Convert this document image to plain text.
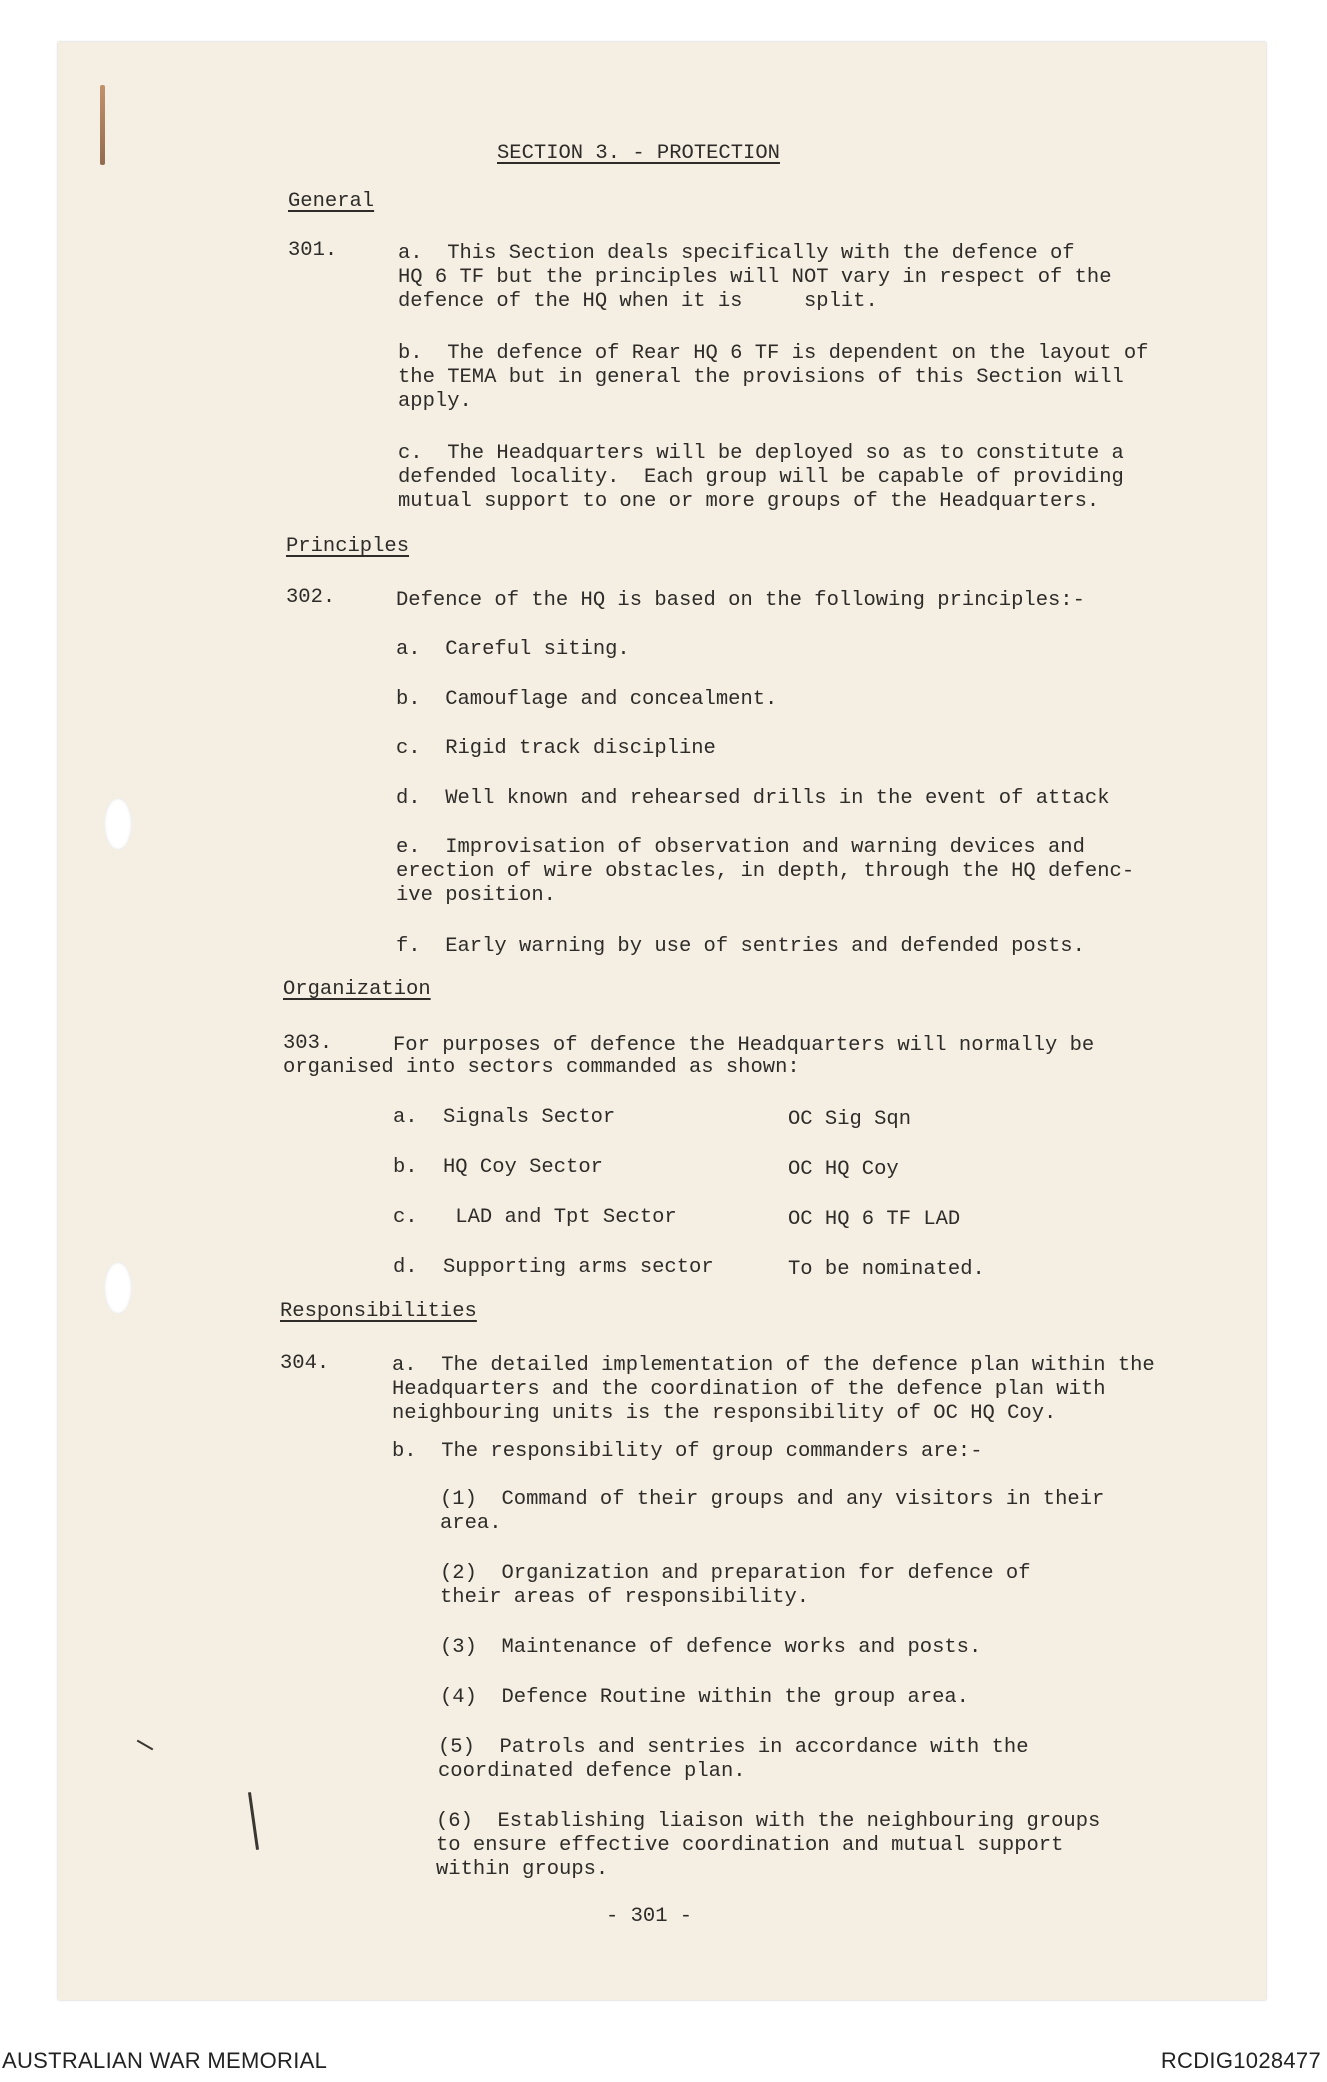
SECTION 3. - PROTECTION
General
301.	a.  This Section deals specifically with the defence of
HQ 6 TF but the principles will NOT vary in respect of the
defence of the HQ when it is     split.
b.  The defence of Rear HQ 6 TF is dependent on the layout of
the TEMA but in general the provisions of this Section will
apply.
c.  The Headquarters will be deployed so as to constitute a
defended locality.  Each group will be capable of providing
mutual support to one or more groups of the Headquarters.
Principles
302.	Defence of the HQ is based on the following principles:-
a.  Careful siting.
b.  Camouflage and concealment.
c.  Rigid track discipline
d.  Well known and rehearsed drills in the event of attack
e.  Improvisation of observation and warning devices and
erection of wire obstacles, in depth, through the HQ defenc-
ive position.
f.  Early warning by use of sentries and defended posts.
Organization
303.	For purposes of defence the Headquarters will normally be
organised into sectors commanded as shown:
a. Signals Sector	OC Sig Sqn
b. HQ Coy Sector	OC HQ Coy
c. LAD and Tpt Sector	OC HQ 6 TF LAD
d. Supporting arms sector	To be nominated.
Responsibilities
304.	a.  The detailed implementation of the defence plan within the
Headquarters and the coordination of the defence plan with
neighbouring units is the responsibility of OC HQ Coy.
b.  The responsibility of group commanders are:-
(1)  Command of their groups and any visitors in their
area.
(2)  Organization and preparation for defence of
their areas of responsibility.
(3)  Maintenance of defence works and posts.
(4)  Defence Routine within the group area.
(5)  Patrols and sentries in accordance with the
coordinated defence plan.
(6)  Establishing liaison with the neighbouring groups
to ensure effective coordination and mutual support
within groups.
- 301 -
AUSTRALIAN WAR MEMORIAL	RCDIG1028477
